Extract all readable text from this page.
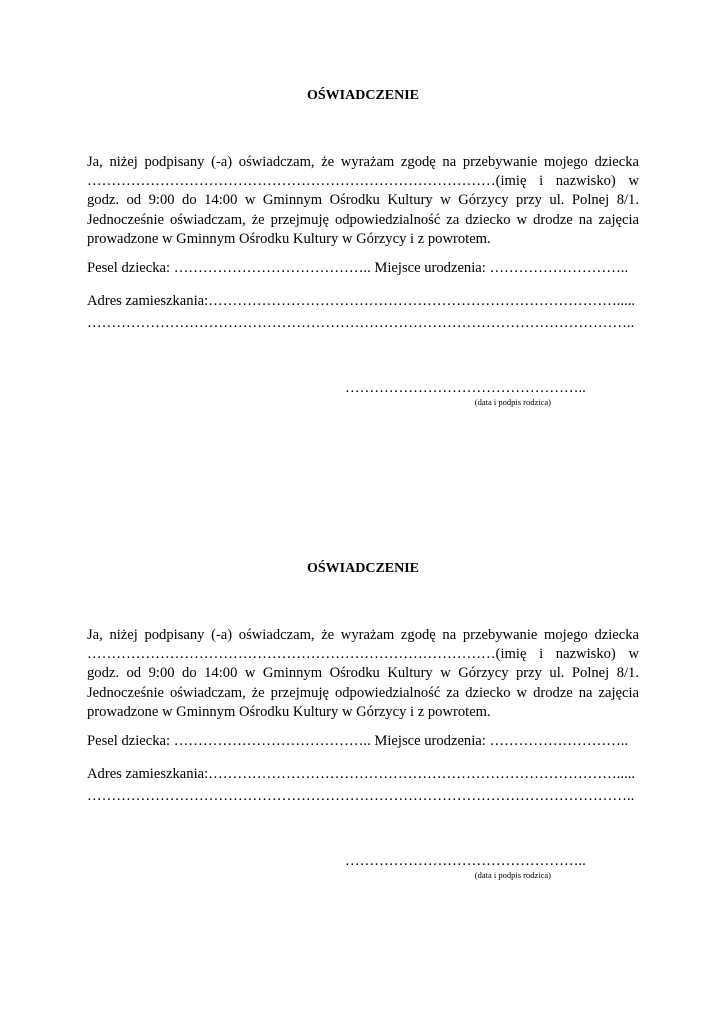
OŚWIADCZENIE

Ja, niżej podpisany (-a) oświadczam, że wyrażam zgodę na przebywanie mojego dziecka …………………………………………………………………………(imię i nazwisko) w godz. od 9:00 do 14:00 w Gminnym Ośrodku Kultury w Górzycy przy ul. Polnej 8/1. Jednocześnie oświadczam, że przejmuję odpowiedzialność za dziecko w drodze na zajęcia prowadzone w Gminnym Ośrodku Kultury w Górzycy i z powrotem.

Pesel dziecka: ………………………………….. Miejsce urodzenia: ………………………..
Adres zamieszkania:………………………………………………………………………….....
…………………………………………………………………………………………………..
…………………………………………..
(data i podpis rodzica)
OŚWIADCZENIE

Ja, niżej podpisany (-a) oświadczam, że wyrażam zgodę na przebywanie mojego dziecka …………………………………………………………………………(imię i nazwisko) w godz. od 9:00 do 14:00 w Gminnym Ośrodku Kultury w Górzycy przy ul. Polnej 8/1. Jednocześnie oświadczam, że przejmuję odpowiedzialność za dziecko w drodze na zajęcia prowadzone w Gminnym Ośrodku Kultury w Górzycy i z powrotem.

Pesel dziecka: ………………………………….. Miejsce urodzenia: ………………………..
Adres zamieszkania:………………………………………………………………………….....
…………………………………………………………………………………………………..
…………………………………………..
(data i podpis rodzica)
